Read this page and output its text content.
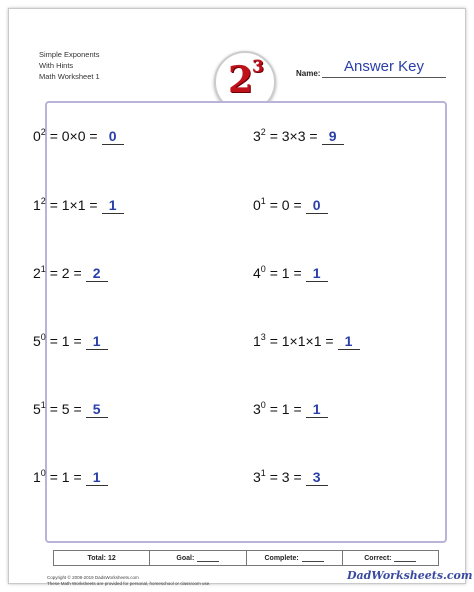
Simple Exponents
With Hints
Math Worksheet 1	2
3	Name:	Answer Key
$0^2 = 0\times 0 = 0$	$3^2 = 3\times 3 = 9$
$1^2 = 1\times 1 = 1$	$0^1 = 0 = 0$
$2^1 = 2 = 2$	$4^0 = 1 = 1$
$5^0 = 1 = 1$	$1^3 = 1\times 1\times 1 = 1$
$5^1 = 5 = 5$	$3^0 = 1 = 1$
$1^0 = 1 = 1$	$3^1 = 3 = 3$
Total: 12	Goal:	Complete:	Correct:
Copyright © 2008-2019 DadsWorksheets.com
These Math Worksheets are provided for personal, homeschool or classroom use.
DadWorksheets.com
